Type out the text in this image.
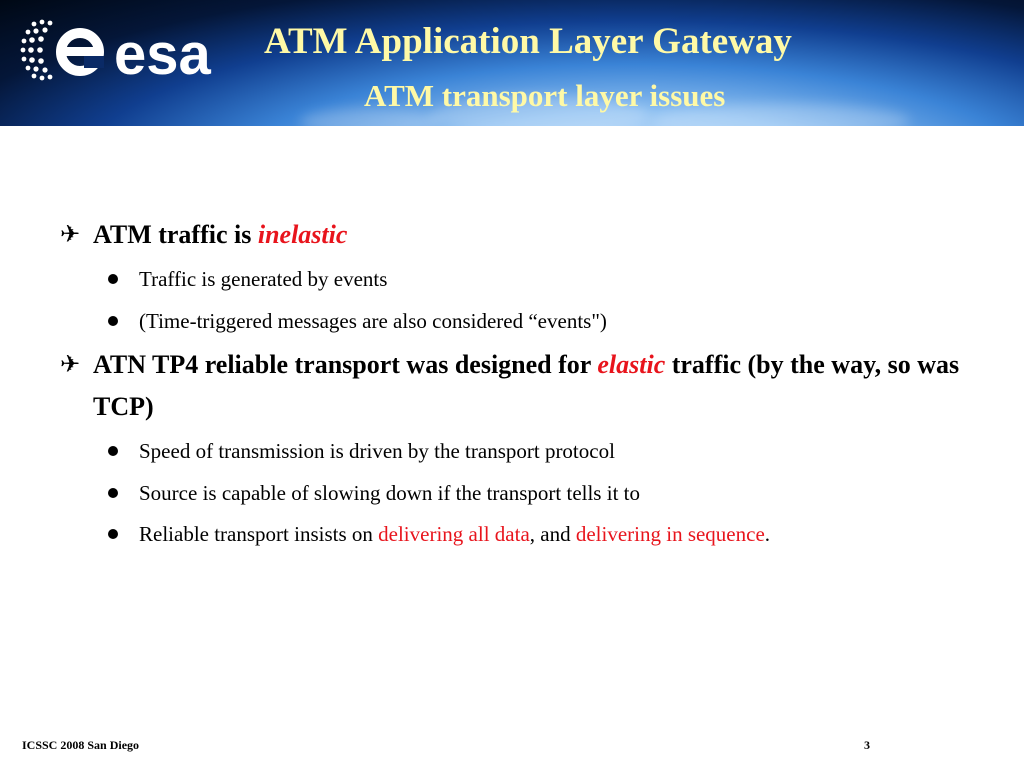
esa ATM Application Layer Gateway
ATM transport layer issues
✈ ATM traffic is inelastic
Traffic is generated by events
(Time-triggered messages are also considered “events")
✈ ATN TP4 reliable transport was designed for elastic traffic (by the way, so was TCP)
Speed of transmission is driven by the transport protocol
Source is capable of slowing down if the transport tells it to
Reliable transport insists on delivering all data, and delivering in sequence.
ICSSC 2008 San Diego	3
